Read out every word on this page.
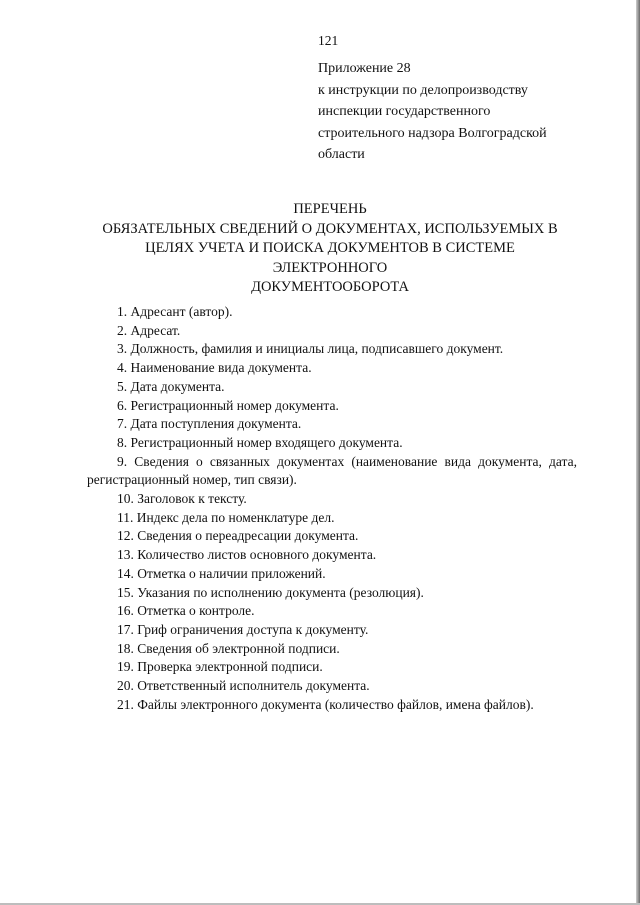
121
Приложение 28
к инструкции по делопроизводству
инспекции государственного
строительного надзора Волгоградской
области
ПЕРЕЧЕНЬ
ОБЯЗАТЕЛЬНЫХ СВЕДЕНИЙ О ДОКУМЕНТАХ, ИСПОЛЬЗУЕМЫХ В
ЦЕЛЯХ УЧЕТА И ПОИСКА ДОКУМЕНТОВ В СИСТЕМЕ
ЭЛЕКТРОННОГО
ДОКУМЕНТООБОРОТА
1. Адресант (автор).
2. Адресат.
3. Должность, фамилия и инициалы лица, подписавшего документ.
4. Наименование вида документа.
5. Дата документа.
6. Регистрационный номер документа.
7. Дата поступления документа.
8. Регистрационный номер входящего документа.
9. Сведения о связанных документах (наименование вида документа, дата, регистрационный номер, тип связи).
10. Заголовок к тексту.
11. Индекс дела по номенклатуре дел.
12. Сведения о переадресации документа.
13. Количество листов основного документа.
14. Отметка о наличии приложений.
15. Указания по исполнению документа (резолюция).
16. Отметка о контроле.
17. Гриф ограничения доступа к документу.
18. Сведения об электронной подписи.
19. Проверка электронной подписи.
20. Ответственный исполнитель документа.
21. Файлы электронного документа (количество файлов, имена файлов).
